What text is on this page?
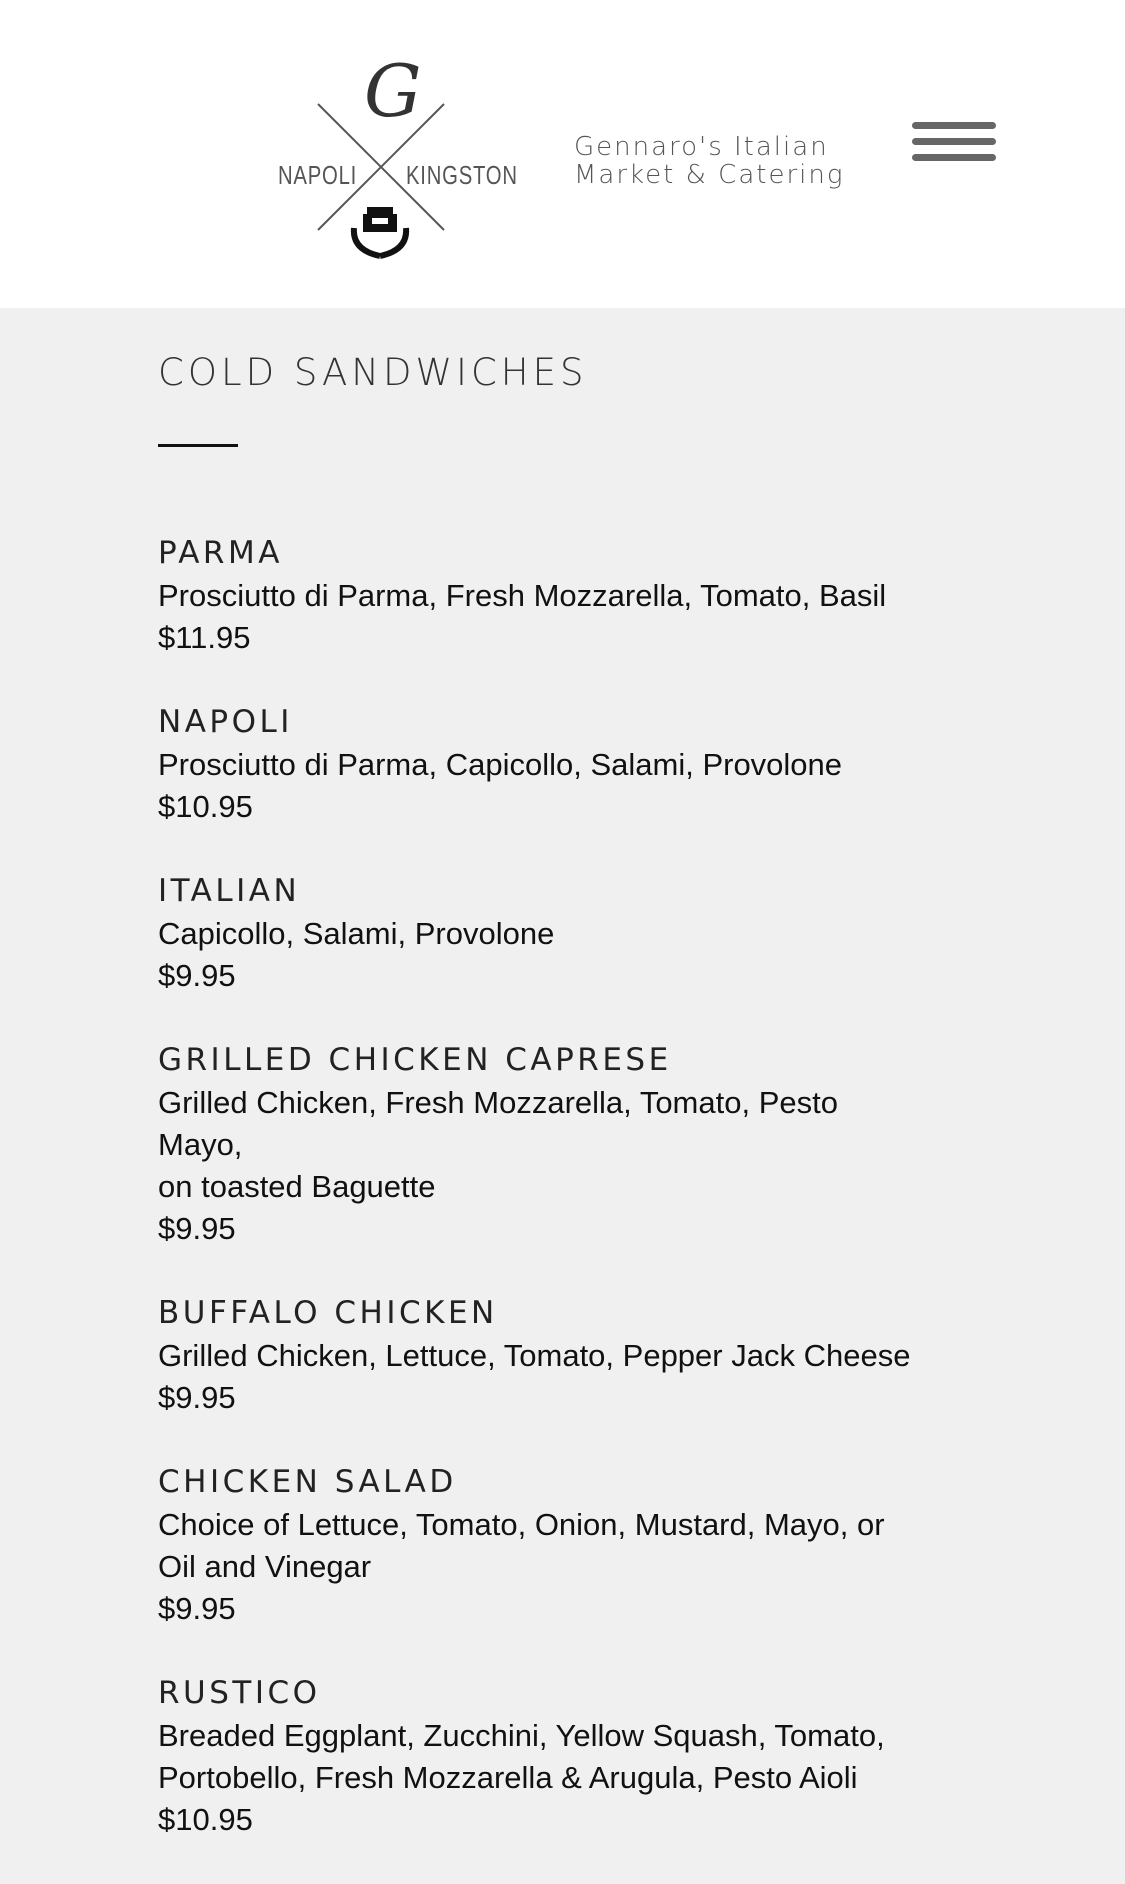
G
NAPOLI KINGSTON
Gennaro's Italian
Market & Catering
COLD SANDWICHES
PARMA
Prosciutto di Parma, Fresh Mozzarella, Tomato, Basil
$11.95
NAPOLI
Prosciutto di Parma, Capicollo, Salami, Provolone
$10.95
ITALIAN
Capicollo, Salami, Provolone
$9.95
GRILLED CHICKEN CAPRESE
Grilled Chicken, Fresh Mozzarella, Tomato, Pesto
Mayo,
on toasted Baguette
$9.95
BUFFALO CHICKEN
Grilled Chicken, Lettuce, Tomato, Pepper Jack Cheese
$9.95
CHICKEN SALAD
Choice of Lettuce, Tomato, Onion, Mustard, Mayo, or
Oil and Vinegar
$9.95
RUSTICO
Breaded Eggplant, Zucchini, Yellow Squash, Tomato,
Portobello, Fresh Mozzarella & Arugula, Pesto Aioli
$10.95
